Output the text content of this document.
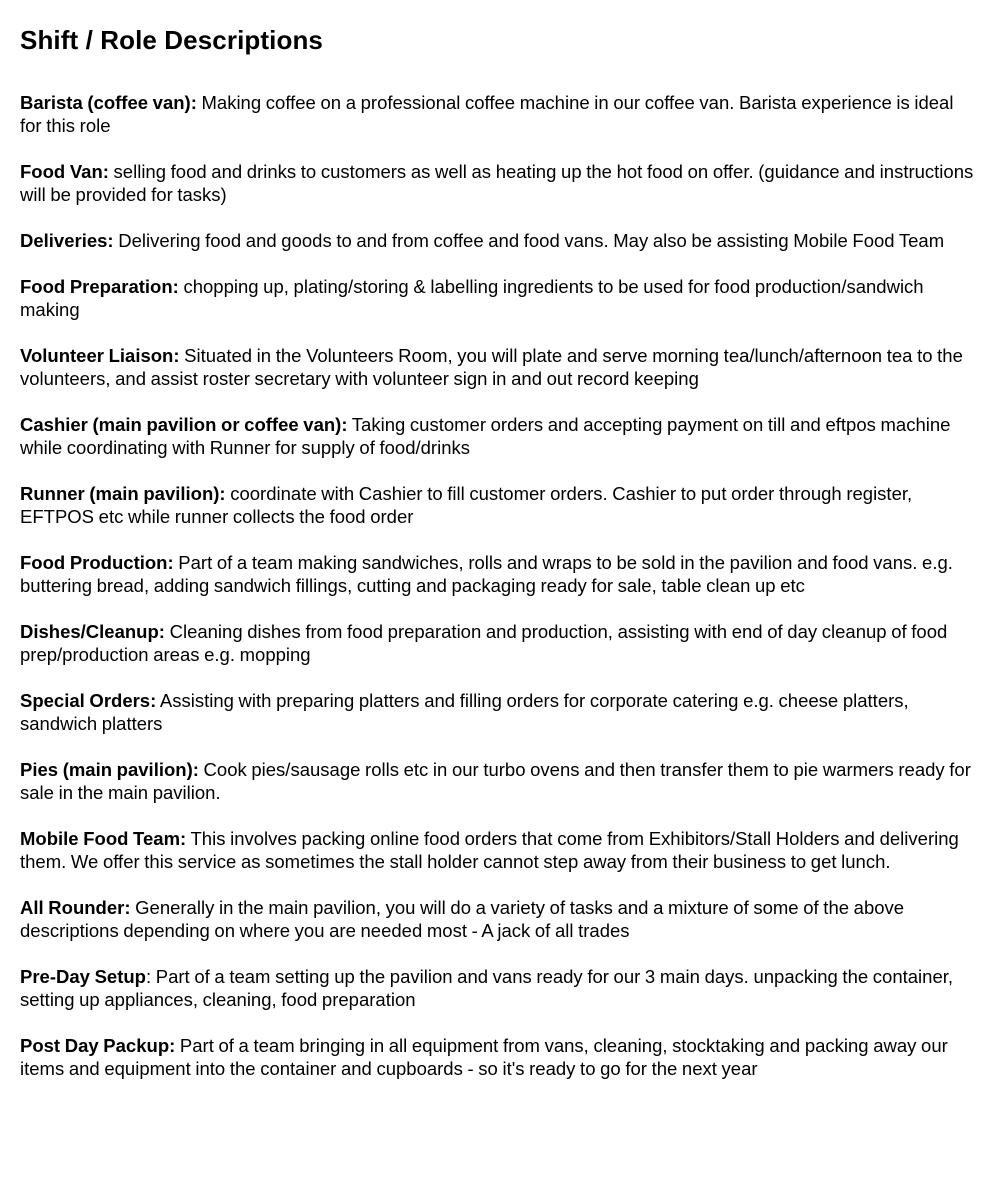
Shift / Role Descriptions

Barista (coffee van): Making coffee on a professional coffee machine in our coffee van. Barista experience is ideal for this role

Food Van: selling food and drinks to customers as well as heating up the hot food on offer. (guidance and instructions will be provided for tasks)

Deliveries: Delivering food and goods to and from coffee and food vans. May also be assisting Mobile Food Team

Food Preparation: chopping up, plating/storing & labelling ingredients to be used for food production/sandwich making

Volunteer Liaison: Situated in the Volunteers Room, you will plate and serve morning tea/lunch/afternoon tea to the volunteers, and assist roster secretary with volunteer sign in and out record keeping

Cashier (main pavilion or coffee van): Taking customer orders and accepting payment on till and eftpos machine while coordinating with Runner for supply of food/drinks

Runner (main pavilion): coordinate with Cashier to fill customer orders. Cashier to put order through register, EFTPOS etc while runner collects the food order

Food Production: Part of a team making sandwiches, rolls and wraps to be sold in the pavilion and food vans. e.g. buttering bread, adding sandwich fillings, cutting and packaging ready for sale, table clean up etc

Dishes/Cleanup: Cleaning dishes from food preparation and production, assisting with end of day cleanup of food prep/production areas e.g. mopping

Special Orders: Assisting with preparing platters and filling orders for corporate catering e.g. cheese platters, sandwich platters

Pies (main pavilion): Cook pies/sausage rolls etc in our turbo ovens and then transfer them to pie warmers ready for sale in the main pavilion.

Mobile Food Team: This involves packing online food orders that come from Exhibitors/Stall Holders and delivering them. We offer this service as sometimes the stall holder cannot step away from their business to get lunch.

All Rounder: Generally in the main pavilion, you will do a variety of tasks and a mixture of some of the above descriptions depending on where you are needed most - A jack of all trades

Pre-Day Setup: Part of a team setting up the pavilion and vans ready for our 3 main days. unpacking the container, setting up appliances, cleaning, food preparation

Post Day Packup: Part of a team bringing in all equipment from vans, cleaning, stocktaking and packing away our items and equipment into the container and cupboards - so it's ready to go for the next year
